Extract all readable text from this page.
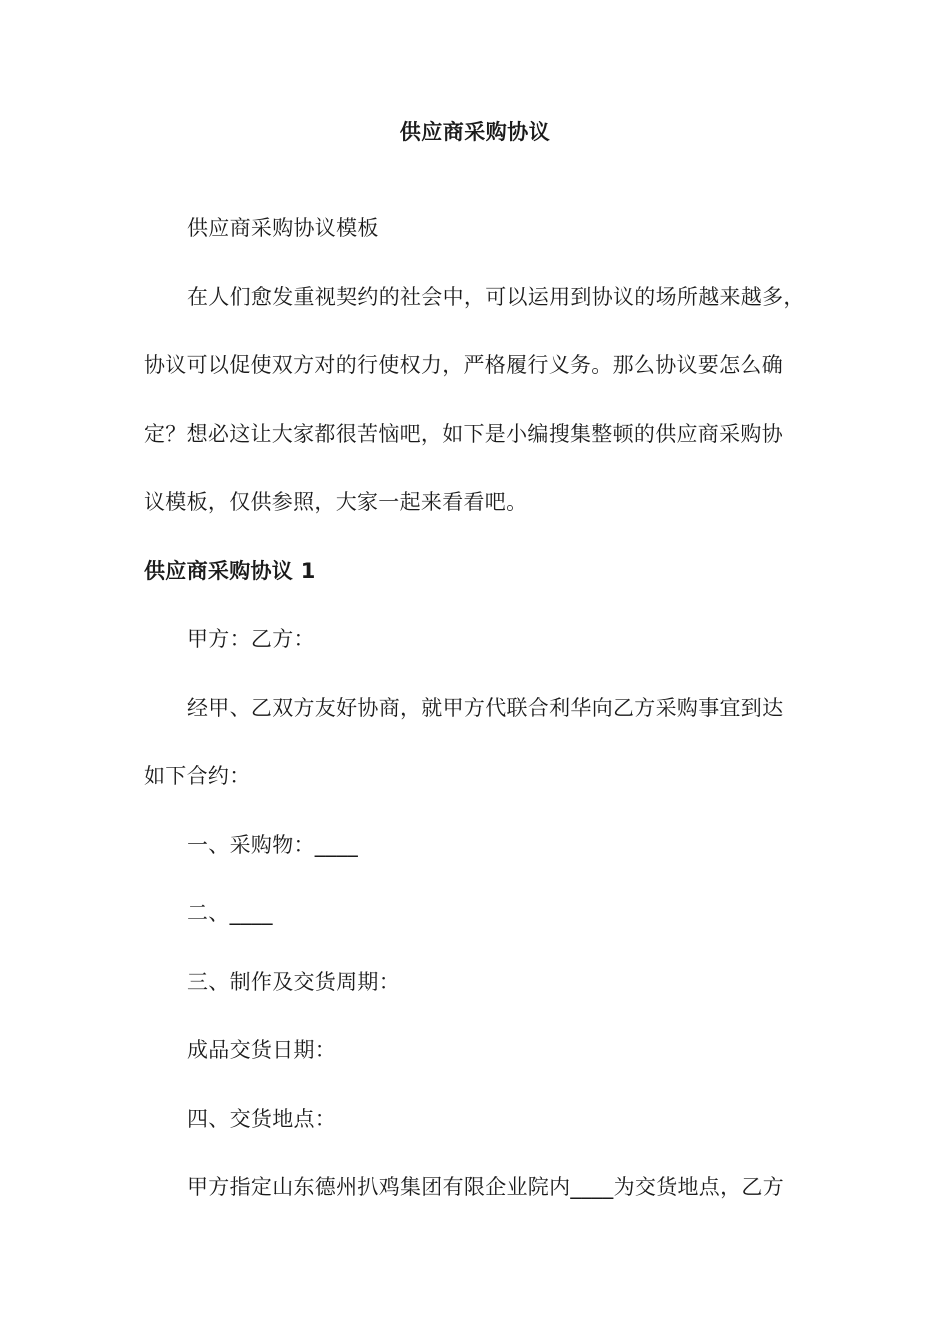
供应商采购协议
供应商采购协议模板
在人们愈发重视契约的社会中，可以运用到协议的场所越来越多，
协议可以促使双方对的行使权力，严格履行义务。那么协议要怎么确
定？想必这让大家都很苦恼吧，如下是小编搜集整顿的供应商采购协
议模板，仅供参照，大家一起来看看吧。
供应商采购协议 1
甲方：乙方：
经甲、乙双方友好协商，就甲方代联合利华向乙方采购事宜到达
如下合约：
一、采购物：____
二、____
三、制作及交货周期：
成品交货日期：
四、交货地点：
甲方指定山东德州扒鸡集团有限企业院内____为交货地点，乙方
